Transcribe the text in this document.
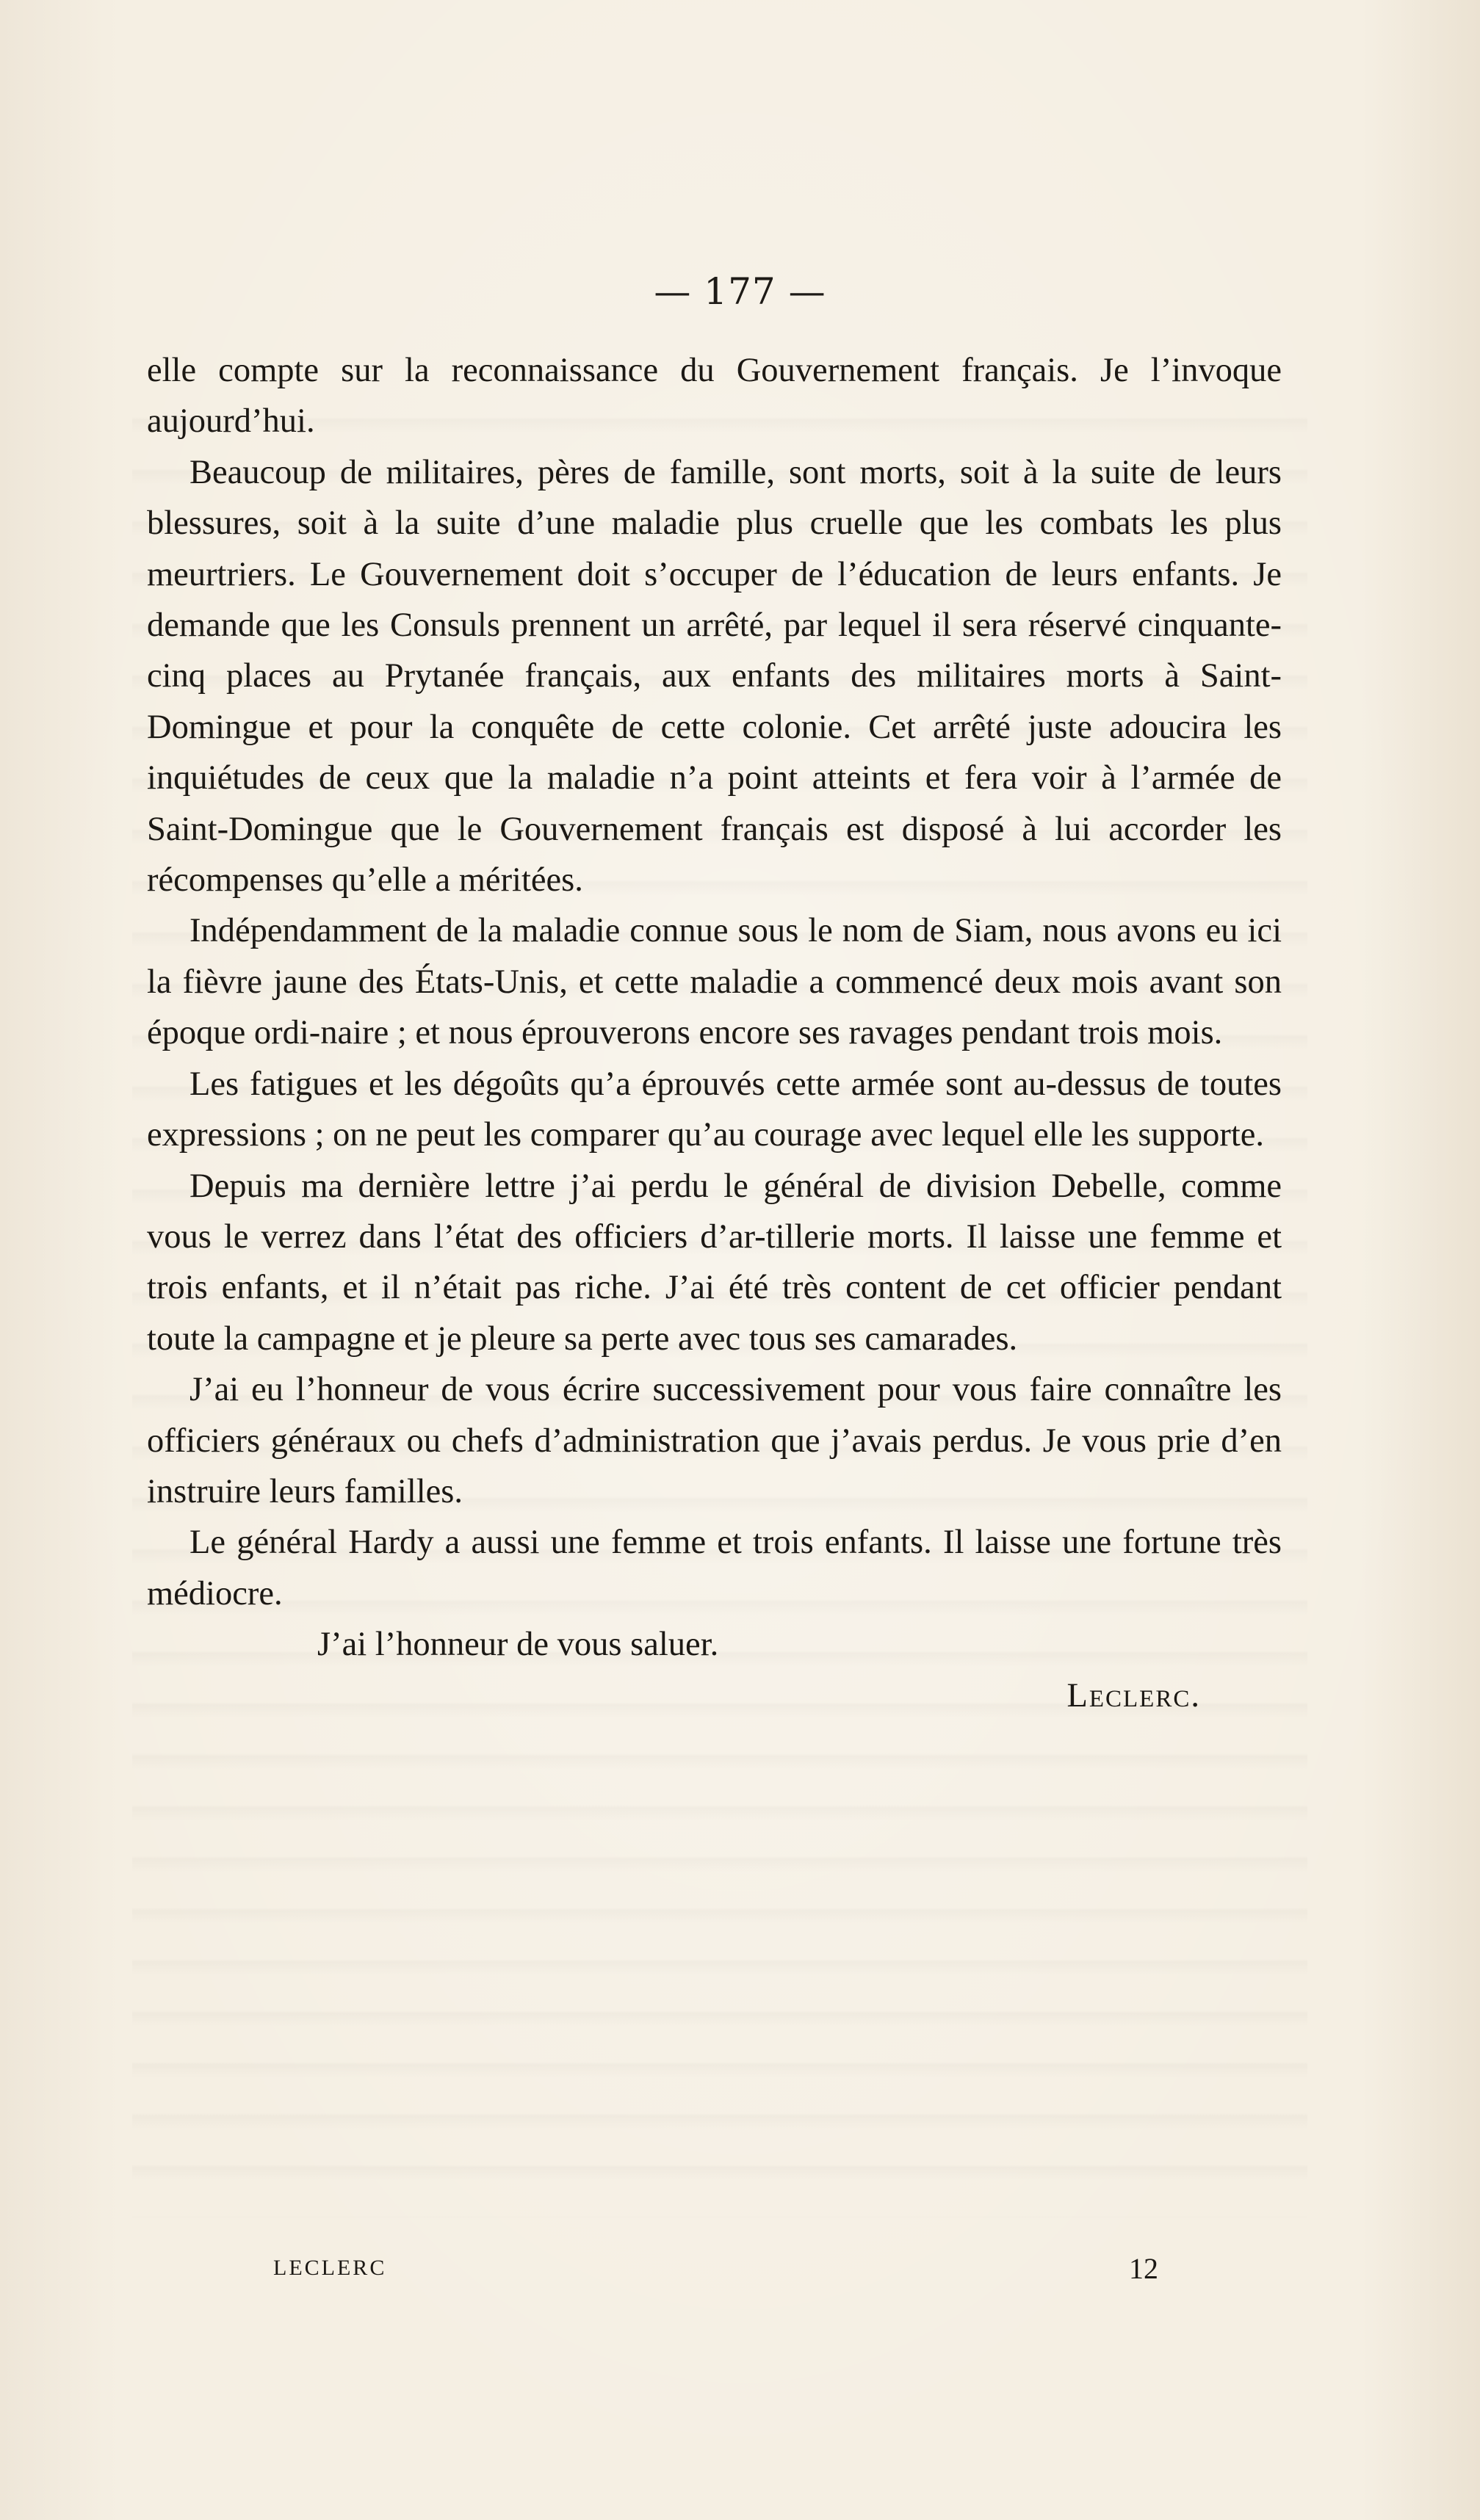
— 177 —

elle compte sur la reconnaissance du Gouvernement français. Je l’invoque aujourd’hui.

Beaucoup de militaires, pères de famille, sont morts, soit à la suite de leurs blessures, soit à la suite d’une maladie plus cruelle que les combats les plus meurtriers. Le Gouvernement doit s’occuper de l’éducation de leurs enfants. Je demande que les Consuls prennent un arrêté, par lequel il sera réservé cinquante-cinq places au Prytanée français, aux enfants des militaires morts à Saint-Domingue et pour la conquête de cette colonie. Cet arrêté juste adoucira les inquiétudes de ceux que la maladie n’a point atteints et fera voir à l’armée de Saint-Domingue que le Gouvernement français est disposé à lui accorder les récompenses qu’elle a méritées.

Indépendamment de la maladie connue sous le nom de Siam, nous avons eu ici la fièvre jaune des États-Unis, et cette maladie a commencé deux mois avant son époque ordi-naire ; et nous éprouverons encore ses ravages pendant trois mois.

Les fatigues et les dégoûts qu’a éprouvés cette armée sont au-dessus de toutes expressions ; on ne peut les comparer qu’au courage avec lequel elle les supporte.

Depuis ma dernière lettre j’ai perdu le général de division Debelle, comme vous le verrez dans l’état des officiers d’ar-tillerie morts. Il laisse une femme et trois enfants, et il n’était pas riche. J’ai été très content de cet officier pendant toute la campagne et je pleure sa perte avec tous ses camarades.

J’ai eu l’honneur de vous écrire successivement pour vous faire connaître les officiers généraux ou chefs d’administration que j’avais perdus. Je vous prie d’en instruire leurs familles.

Le général Hardy a aussi une femme et trois enfants. Il laisse une fortune très médiocre.

J’ai l’honneur de vous saluer.

Leclerc.

LECLERC	12
